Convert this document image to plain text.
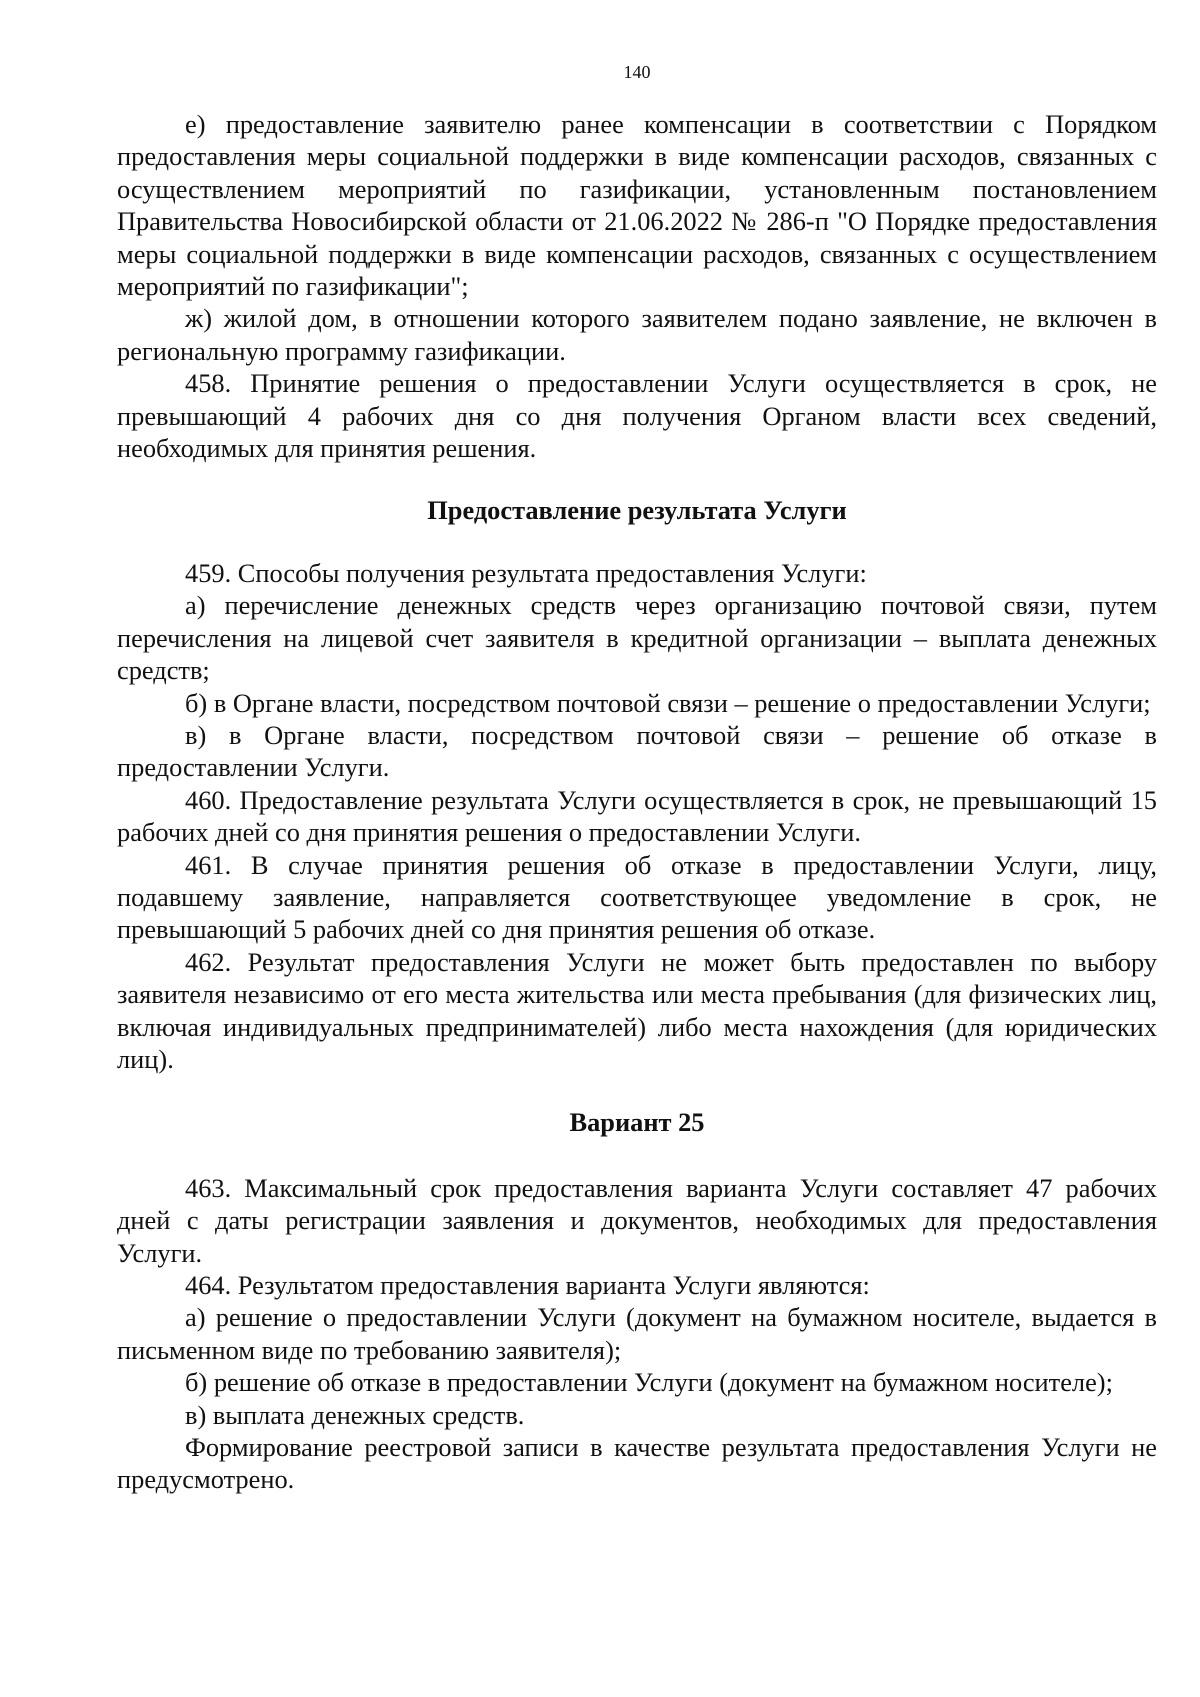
140

е) предоставление заявителю ранее компенсации в соответствии с Порядком предоставления меры социальной поддержки в виде компенсации расходов, связанных с осуществлением мероприятий по газификации, установленным постановлением Правительства Новосибирской области от 21.06.2022 № 286-п "О Порядке предоставления меры социальной поддержки в виде компенсации расходов, связанных с осуществлением мероприятий по газификации";

ж) жилой дом, в отношении которого заявителем подано заявление, не включен в региональную программу газификации.

458. Принятие решения о предоставлении Услуги осуществляется в срок, не превышающий 4 рабочих дня со дня получения Органом власти всех сведений, необходимых для принятия решения.

Предоставление результата Услуги

459. Способы получения результата предоставления Услуги:

а) перечисление денежных средств через организацию почтовой связи, путем перечисления на лицевой счет заявителя в кредитной организации – выплата денежных средств;

б) в Органе власти, посредством почтовой связи – решение о предоставлении Услуги;

в) в Органе власти, посредством почтовой связи – решение об отказе в предоставлении Услуги.

460. Предоставление результата Услуги осуществляется в срок, не превышающий 15 рабочих дней со дня принятия решения о предоставлении Услуги.

461. В случае принятия решения об отказе в предоставлении Услуги, лицу, подавшему заявление, направляется соответствующее уведомление в срок, не превышающий 5 рабочих дней со дня принятия решения об отказе.

462. Результат предоставления Услуги не может быть предоставлен по выбору заявителя независимо от его места жительства или места пребывания (для физических лиц, включая индивидуальных предпринимателей) либо места нахождения (для юридических лиц).

Вариант 25

463. Максимальный срок предоставления варианта Услуги составляет 47 рабочих дней с даты регистрации заявления и документов, необходимых для предоставления Услуги.

464. Результатом предоставления варианта Услуги являются:

а) решение о предоставлении Услуги (документ на бумажном носителе, выдается в письменном виде по требованию заявителя);

б) решение об отказе в предоставлении Услуги (документ на бумажном носителе);

в) выплата денежных средств.

Формирование реестровой записи в качестве результата предоставления Услуги не предусмотрено.
